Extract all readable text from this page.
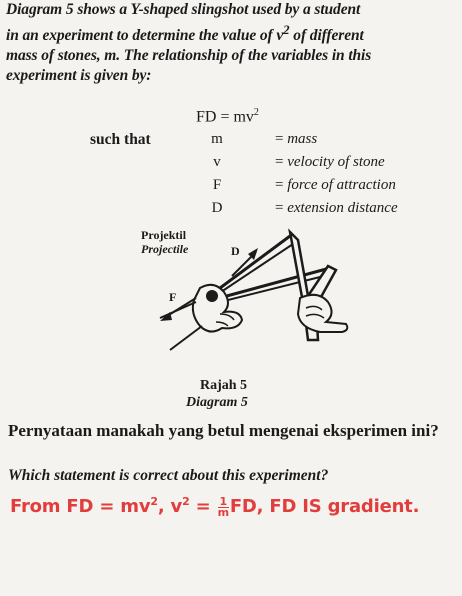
Diagram 5 shows a Y-shaped slingshot used by a student
in an experiment to determine the value of $v^2$ of different
mass of stones, m. The relationship of the variables in this
experiment is given by:
FD = $mv^2$
such that	m	= mass
v	= velocity of stone
F	= force of attraction
D	= extension distance
Projektil
Projectile	D
F
Rajah 5
Diagram 5
Pernyataan manakah yang betul mengenai eksperimen ini?
Which statement is correct about this experiment?
From FD = $mv^2$, $v^2 = \frac{1}{m}$ FD, FD IS gradient.
